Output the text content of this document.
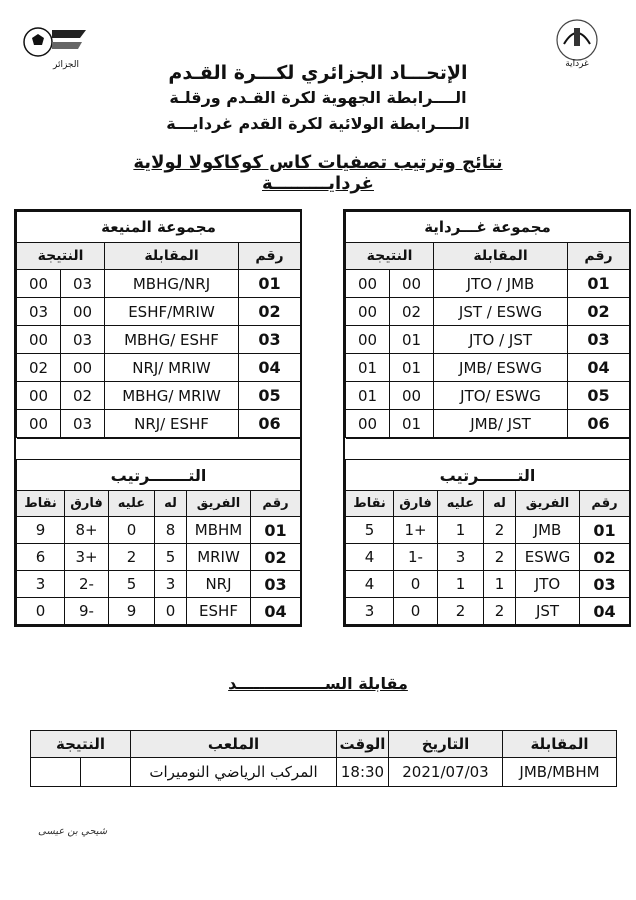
الجزائر	غرداية
الإتحـــاد الجزائري لكـــرة القـدم
الــــرابطة الجهوية لكرة القـدم ورقلـة
الــــرابطة الولائية لكرة القدم غردايـــة
نتائج وترتيب تصفيات كاس كوكاكولا لولاية غردايـــــــــة
مجموعة غـــرداية			
النتيجة		المقابلة	رقم
00	00	JTO / JMB	01
00	02	JST / ESWG	02
00	01	JTO / JST	03
01	01	JMB/ ESWG	04
01	00	JTO/ ESWG	05
00	01	JMB/ JST	06

التـــــــرتيب					
نقاط	فارق	عليه	له	الفريق	رقم
5	1+	1	2	JMB	01
4	1-	3	2	ESWG	02
4	0	1	1	JTO	03
3	0	2	2	JST	04
مجموعة المنيعة			
النتيجة		المقابلة	رقم
00	03	MBHG/NRJ	01
03	00	ESHF/MRIW	02
00	03	MBHG/ ESHF	03
02	00	NRJ/ MRIW	04
00	02	MBHG/ MRIW	05
00	03	NRJ/ ESHF	06

التـــــــرتيب					
نقاط	فارق	عليه	له	الفريق	رقم
9	8+	0	8	MBHM	01
6	3+	2	5	MRIW	02
3	2-	5	3	NRJ	03
0	9-	9	0	ESHF	04
مقابلة الســــــــــــــــد
النتيجة		الملعب	الوقت	التاريخ	المقابلة
		المركب الرياضي النوميرات	18:30	2021/07/03	JMB/MBHM
شيحي بن عيسى
